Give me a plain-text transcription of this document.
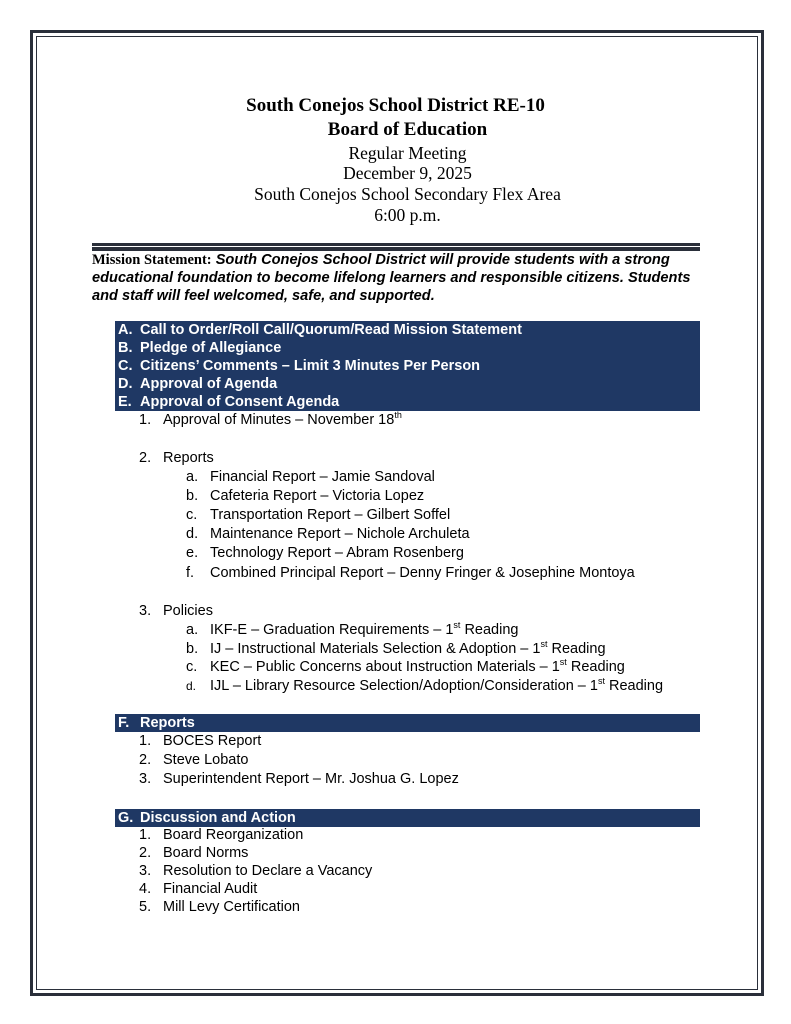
South Conejos School District RE-10
Board of Education
Regular Meeting
December 9, 2025
South Conejos School Secondary Flex Area
6:00 p.m.
Mission Statement: South Conejos School District will provide students with a strong educational foundation to become lifelong learners and responsible citizens. Students and staff will feel welcomed, safe, and supported.
A. Call to Order/Roll Call/Quorum/Read Mission Statement
B. Pledge of Allegiance
C. Citizens’ Comments – Limit 3 Minutes Per Person
D. Approval of Agenda
E. Approval of Consent Agenda
1. Approval of Minutes – November 18th
2. Reports
a. Financial Report – Jamie Sandoval
b. Cafeteria Report – Victoria Lopez
c. Transportation Report – Gilbert Soffel
d. Maintenance Report – Nichole Archuleta
e. Technology Report – Abram Rosenberg
f. Combined Principal Report – Denny Fringer & Josephine Montoya
3. Policies
a. IKF-E – Graduation Requirements – 1st Reading
b. IJ – Instructional Materials Selection & Adoption – 1st Reading
c. KEC – Public Concerns about Instruction Materials – 1st Reading
d. IJL – Library Resource Selection/Adoption/Consideration – 1st Reading
F. Reports
1. BOCES Report
2. Steve Lobato
3. Superintendent Report – Mr. Joshua G. Lopez
G. Discussion and Action
1. Board Reorganization
2. Board Norms
3. Resolution to Declare a Vacancy
4. Financial Audit
5. Mill Levy Certification
